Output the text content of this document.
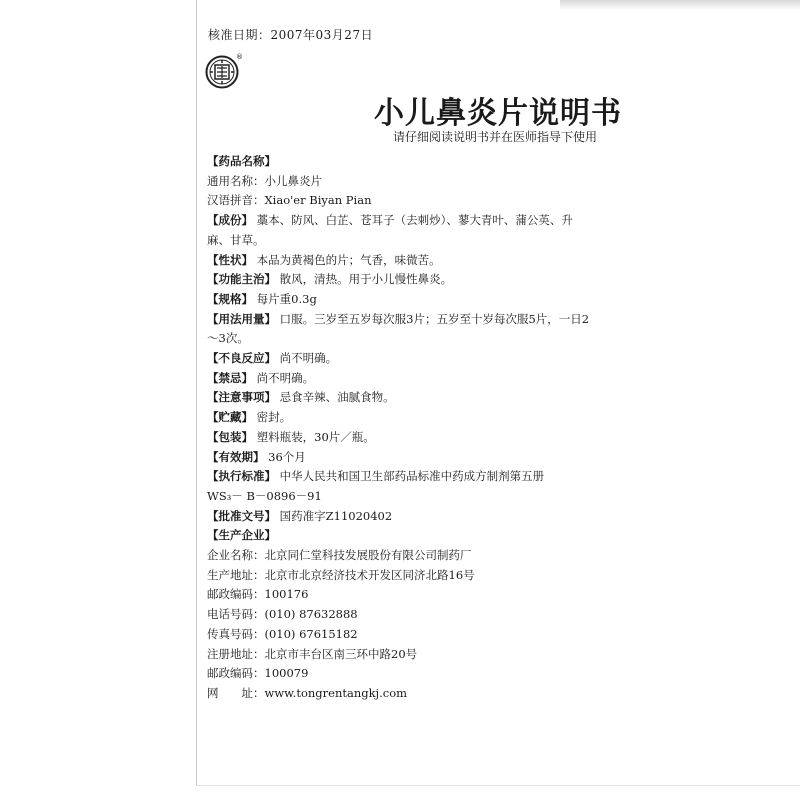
核准日期：2007年03月27日
®
小儿鼻炎片说明书
请仔细阅读说明书并在医师指导下使用
【药品名称】
通用名称：小儿鼻炎片
汉语拼音：Xiao'er Biyan Pian
【成份】 藁本、防风、白芷、苍耳子（去刺炒）、蓼大青叶、蒲公英、升麻、甘草。
【性状】 本品为黄褐色的片；气香，味微苦。
【功能主治】 散风，清热。用于小儿慢性鼻炎。
【规格】 每片重0.3g
【用法用量】 口服。三岁至五岁每次服3片；五岁至十岁每次服5片，一日2～3次。
【不良反应】 尚不明确。
【禁忌】 尚不明确。
【注意事项】 忌食辛辣、油腻食物。
【贮藏】 密封。
【包装】 塑料瓶装，30片／瓶。
【有效期】 36个月
【执行标准】 中华人民共和国卫生部药品标准中药成方制剂第五册
WS₃－ B－0896－91
【批准文号】 国药准字Z11020402
【生产企业】
企业名称：北京同仁堂科技发展股份有限公司制药厂
生产地址：北京市北京经济技术开发区同济北路16号
邮政编码：100176
电话号码：(010) 87632888
传真号码：(010) 67615182
注册地址：北京市丰台区南三环中路20号
邮政编码：100079
网　　址：www.tongrentangkj.com
